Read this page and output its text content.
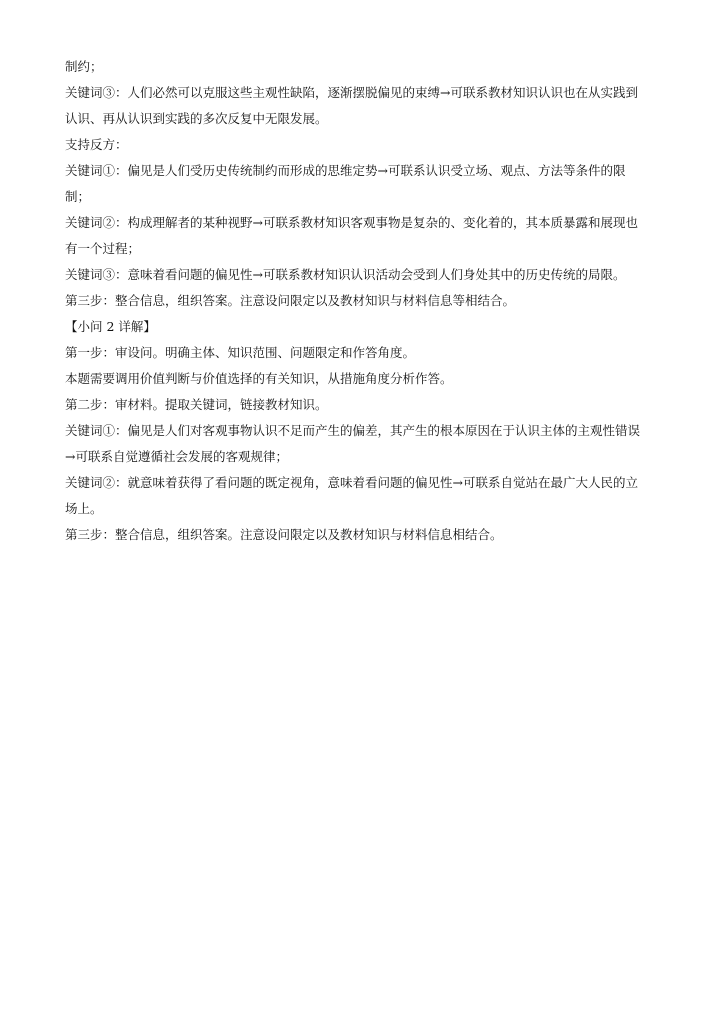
制约；

关键词③：人们必然可以克服这些主观性缺陷，逐渐摆脱偏见的束缚→可联系教材知识认识也在从实践到

认识、再从认识到实践的多次反复中无限发展。

支持反方：

关键词①：偏见是人们受历史传统制约而形成的思维定势→可联系认识受立场、观点、方法等条件的限

制；

关键词②：构成理解者的某种视野→可联系教材知识客观事物是复杂的、变化着的，其本质暴露和展现也

有一个过程；

关键词③：意味着看问题的偏见性→可联系教材知识认识活动会受到人们身处其中的历史传统的局限。

第三步：整合信息，组织答案。注意设问限定以及教材知识与材料信息等相结合。

【小问 2 详解】

第一步：审设问。明确主体、知识范围、问题限定和作答角度。

本题需要调用价值判断与价值选择的有关知识，从措施角度分析作答。

第二步：审材料。提取关键词，链接教材知识。

关键词①：偏见是人们对客观事物认识不足而产生的偏差，其产生的根本原因在于认识主体的主观性错误

→可联系自觉遵循社会发展的客观规律；

关键词②：就意味着获得了看问题的既定视角，意味着看问题的偏见性→可联系自觉站在最广大人民的立

场上。

第三步：整合信息，组织答案。注意设问限定以及教材知识与材料信息相结合。
